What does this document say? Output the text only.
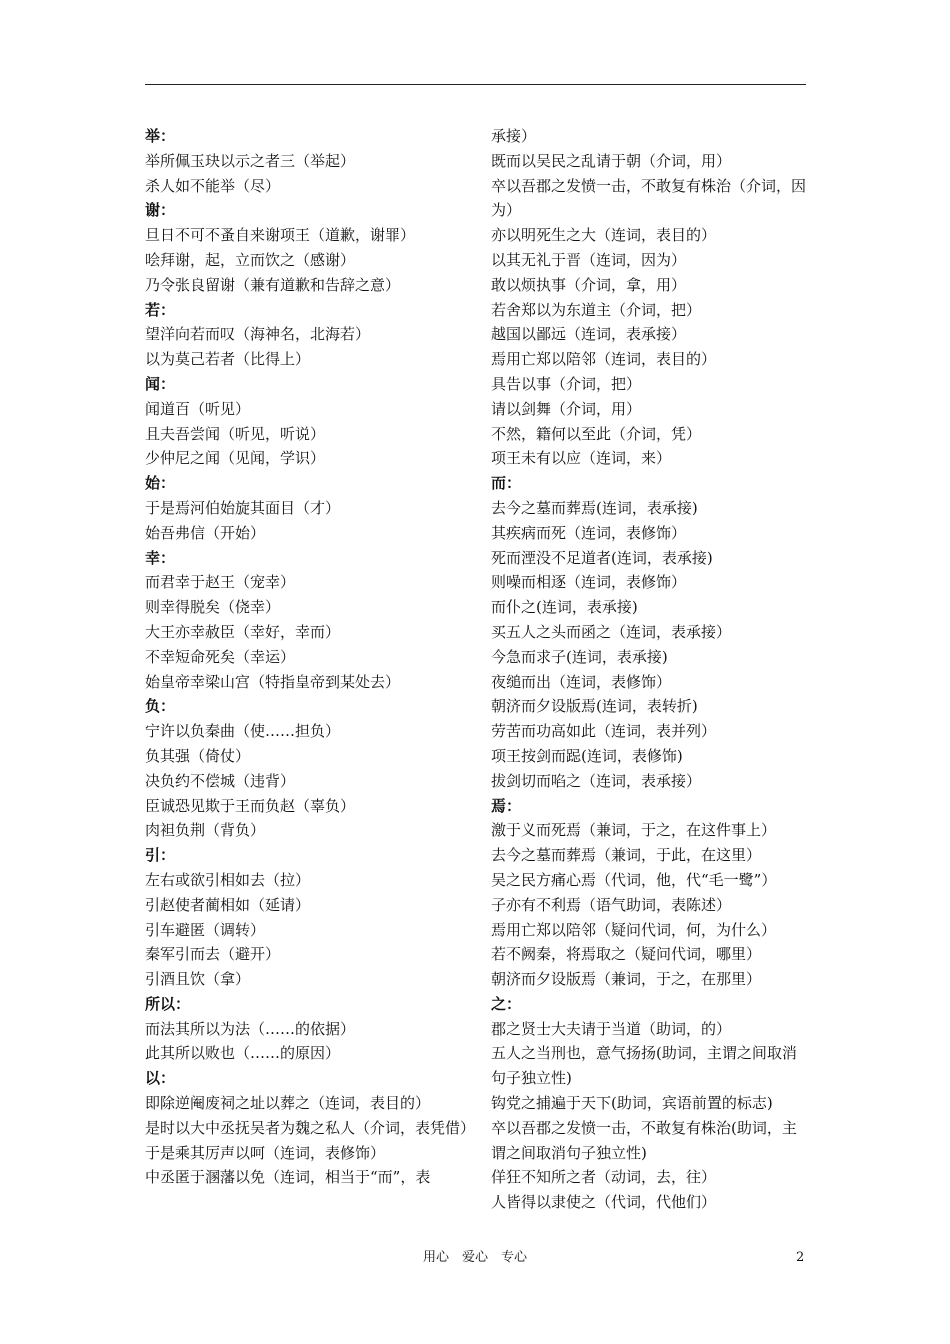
举：
举所佩玉玦以示之者三（举起）
杀人如不能举（尽）
谢：
旦日不可不蚤自来谢项王（道歉，谢罪）
哙拜谢，起，立而饮之（感谢）
乃令张良留谢（兼有道歉和告辞之意）
若：
望洋向若而叹（海神名，北海若）
以为莫己若者（比得上）
闻：
闻道百（听见）
且夫吾尝闻（听见，听说）
少仲尼之闻（见闻，学识）
始：
于是焉河伯始旋其面目（才）
始吾弗信（开始）
幸：
而君幸于赵王（宠幸）
则幸得脱矣（侥幸）
大王亦幸赦臣（幸好，幸而）
不幸短命死矣（幸运）
始皇帝幸梁山宫（特指皇帝到某处去）
负：
宁许以负秦曲（使……担负）
负其强（倚仗）
决负约不偿城（违背）
臣诚恐见欺于王而负赵（辜负）
肉袒负荆（背负）
引：
左右或欲引相如去（拉）
引赵使者蔺相如（延请）
引车避匿（调转）
秦军引而去（避开）
引酒且饮（拿）
所以：
而法其所以为法（……的依据）
此其所以败也（……的原因）
以：
即除逆阉废祠之址以葬之（连词，表目的）
是时以大中丞抚吴者为魏之私人（介词，表凭借）
于是乘其厉声以呵（连词，表修饰）
中丞匿于溷藩以免（连词，相当于“而”，表
承接）
既而以吴民之乱请于朝（介词，用）
卒以吾郡之发愤一击，不敢复有株治（介词，因为）
亦以明死生之大（连词，表目的）
以其无礼于晋（连词，因为）
敢以烦执事（介词，拿，用）
若舍郑以为东道主（介词，把）
越国以鄙远（连词，表承接）
焉用亡郑以陪邻（连词，表目的）
具告以事（介词，把）
请以剑舞（介词，用）
不然，籍何以至此（介词，凭）
项王未有以应（连词，来）
而：
去今之墓而葬焉(连词，表承接)
其疾病而死（连词，表修饰）
死而湮没不足道者(连词，表承接)
则噪而相逐（连词，表修饰）
而仆之(连词，表承接)
买五人之头而函之（连词，表承接）
今急而求子(连词，表承接)
夜缒而出（连词，表修饰）
朝济而夕设版焉(连词，表转折)
劳苦而功高如此（连词，表并列）
项王按剑而跽(连词，表修饰)
拔剑切而啗之（连词，表承接）
焉：
激于义而死焉（兼词，于之，在这件事上）
去今之墓而葬焉（兼词，于此，在这里）
吴之民方痛心焉（代词，他，代“毛一鹭”）
子亦有不利焉（语气助词，表陈述）
焉用亡郑以陪邻（疑问代词，何，为什么）
若不阙秦，将焉取之（疑问代词，哪里）
朝济而夕设版焉（兼词，于之，在那里）
之：
郡之贤士大夫请于当道（助词，的）
五人之当刑也，意气扬扬(助词，主谓之间取消句子独立性)
钩党之捕遍于天下(助词，宾语前置的标志)
卒以吾郡之发愤一击，不敢复有株治(助词，主谓之间取消句子独立性)
佯狂不知所之者（动词，去，往）
人皆得以隶使之（代词，代他们）
用心　爱心　专心	2
